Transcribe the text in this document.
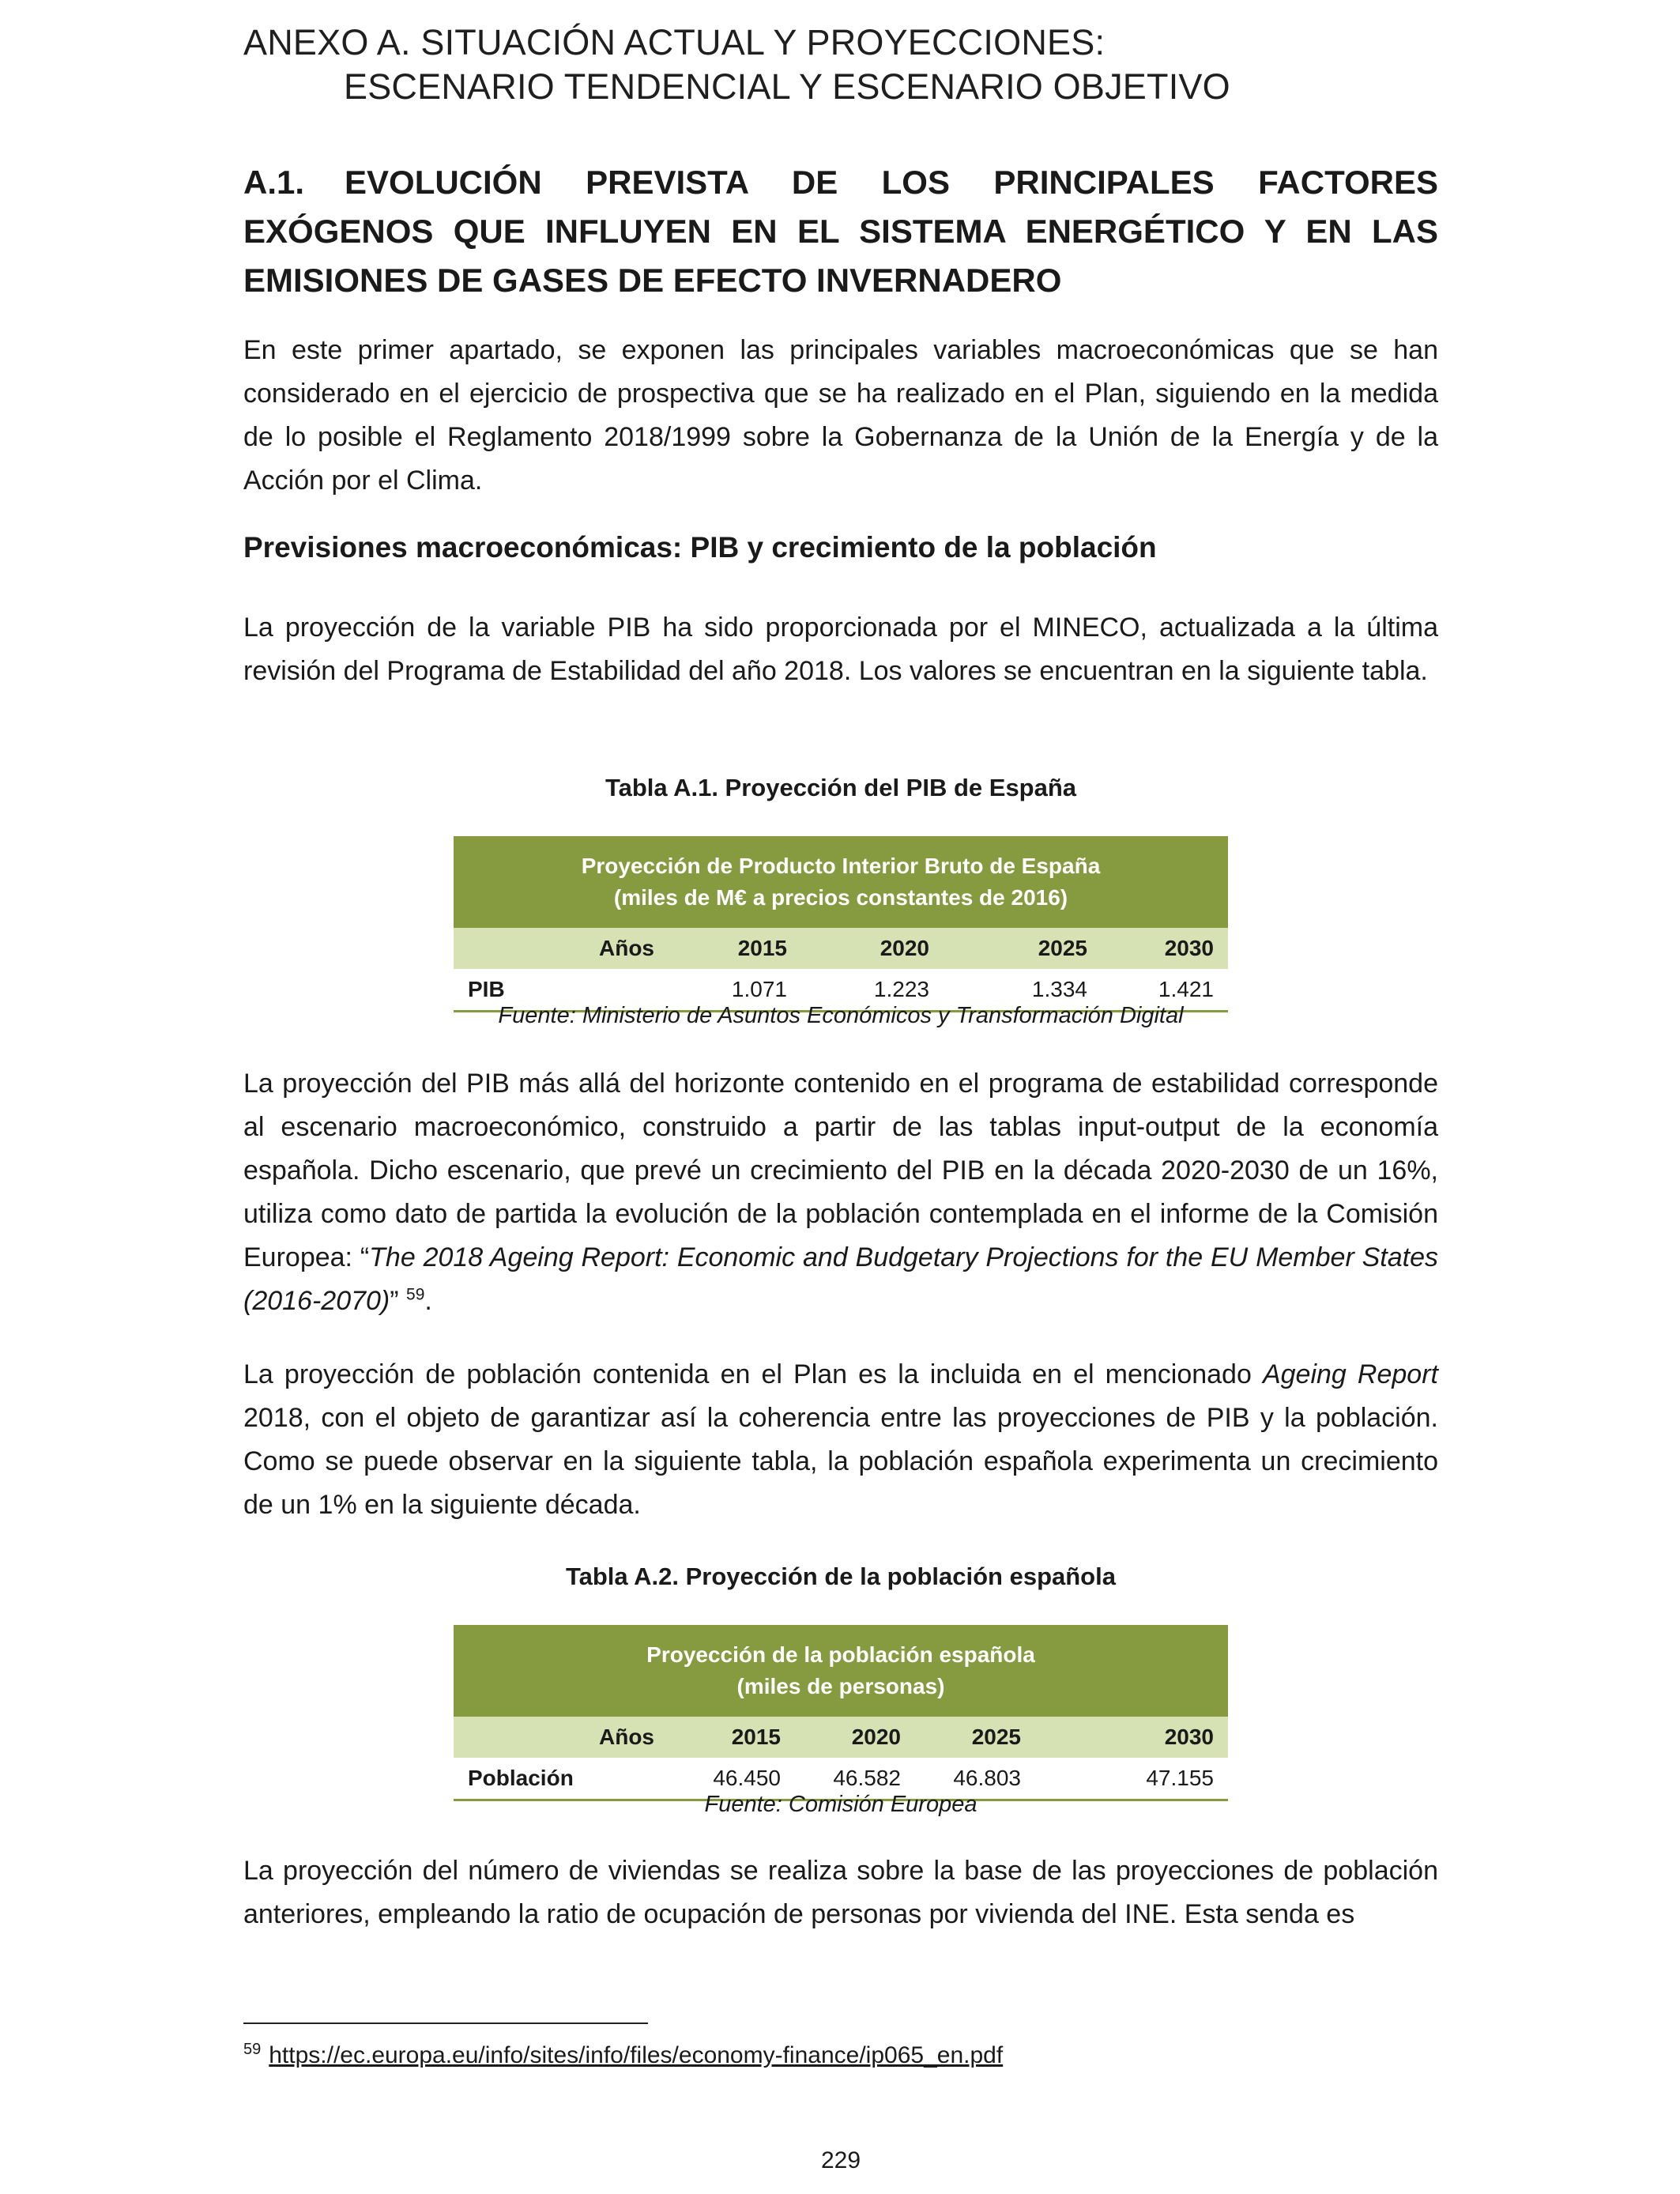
ANEXO A. SITUACIÓN ACTUAL Y PROYECCIONES:
ESCENARIO TENDENCIAL Y ESCENARIO OBJETIVO
A.1. EVOLUCIÓN PREVISTA DE LOS PRINCIPALES FACTORES EXÓGENOS QUE INFLUYEN EN EL SISTEMA ENERGÉTICO Y EN LAS EMISIONES DE GASES DE EFECTO INVERNADERO
En este primer apartado, se exponen las principales variables macroeconómicas que se han considerado en el ejercicio de prospectiva que se ha realizado en el Plan, siguiendo en la medida de lo posible el Reglamento 2018/1999 sobre la Gobernanza de la Unión de la Energía y de la Acción por el Clima.
Previsiones macroeconómicas: PIB y crecimiento de la población
La proyección de la variable PIB ha sido proporcionada por el MINECO, actualizada a la última revisión del Programa de Estabilidad del año 2018. Los valores se encuentran en la siguiente tabla.
Tabla A.1. Proyección del PIB de España
Proyección de Producto Interior Bruto de España
(miles de M€ a precios constantes de 2016)				

Años	2015	2020	2025	2030
PIB	1.071	1.223	1.334	1.421
Fuente: Ministerio de Asuntos Económicos y Transformación Digital
La proyección del PIB más allá del horizonte contenido en el programa de estabilidad corresponde al escenario macroeconómico, construido a partir de las tablas input-output de la economía española. Dicho escenario, que prevé un crecimiento del PIB en la década 2020-2030 de un 16%, utiliza como dato de partida la evolución de la población contemplada en el informe de la Comisión Europea: “The 2018 Ageing Report: Economic and Budgetary Projections for the EU Member States (2016-2070)” $^{59}$.
La proyección de población contenida en el Plan es la incluida en el mencionado Ageing Report 2018, con el objeto de garantizar así la coherencia entre las proyecciones de PIB y la población. Como se puede observar en la siguiente tabla, la población española experimenta un crecimiento de un 1% en la siguiente década.
Tabla A.2. Proyección de la población española
Proyección de la población española
(miles de personas)				

Años	2015	2020	2025	2030
Población	46.450	46.582	46.803	47.155
Fuente: Comisión Europea
La proyección del número de viviendas se realiza sobre la base de las proyecciones de población anteriores, empleando la ratio de ocupación de personas por vivienda del INE. Esta senda es
$^{59}$ https://ec.europa.eu/info/sites/info/files/economy-finance/ip065_en.pdf
229
